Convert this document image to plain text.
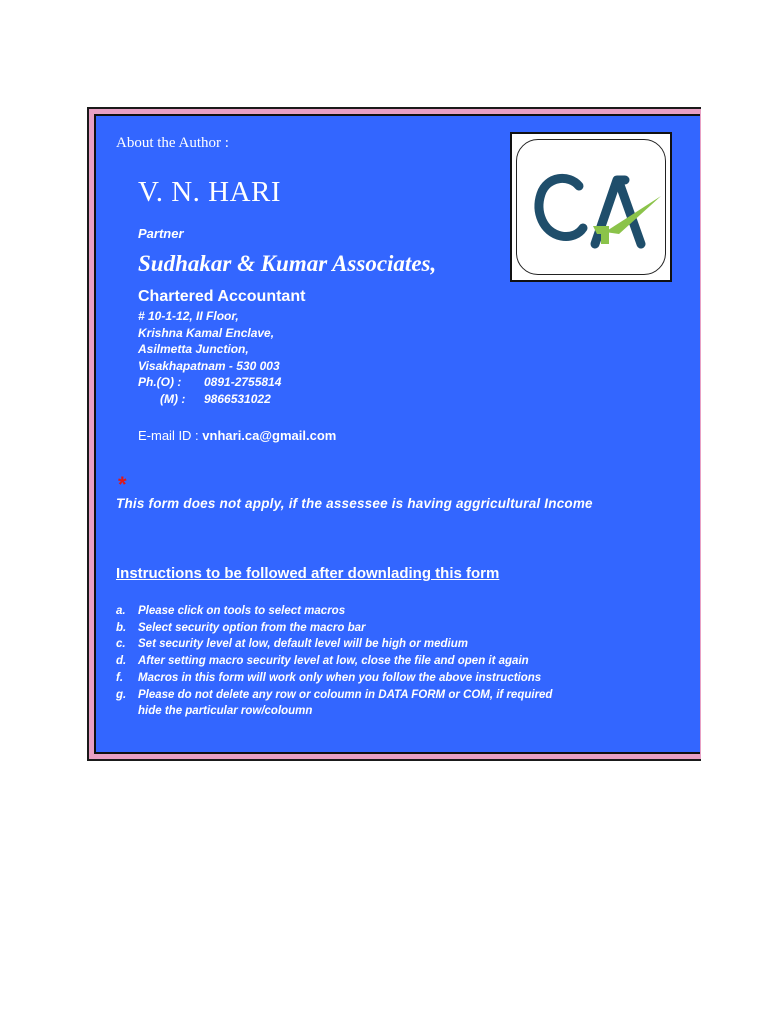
About the Author :
V. N. HARI
Partner
Sudhakar & Kumar Associates,
Chartered Accountant
# 10-1-12, II Floor,
Krishna Kamal Enclave,
Asilmetta Junction,
Visakhapatnam - 530 003
Ph.(O) : 0891-2755814
(M) : 9866531022
E-mail ID : vnhari.ca@gmail.com
*
This form does not apply, if the assessee is having aggricultural Income
Instructions to be followed after downlading this form
a.	Please click on tools to select macros
b.	Select security option from the macro bar
c.	Set security level at low, default level will be high or medium
d.	After setting macro security level at low, close the file and open it again
f.	Macros in this form will work only when you follow the above instructions
g.	Please do not delete any row or coloumn in DATA FORM or COM, if required
hide the particular row/coloumn
